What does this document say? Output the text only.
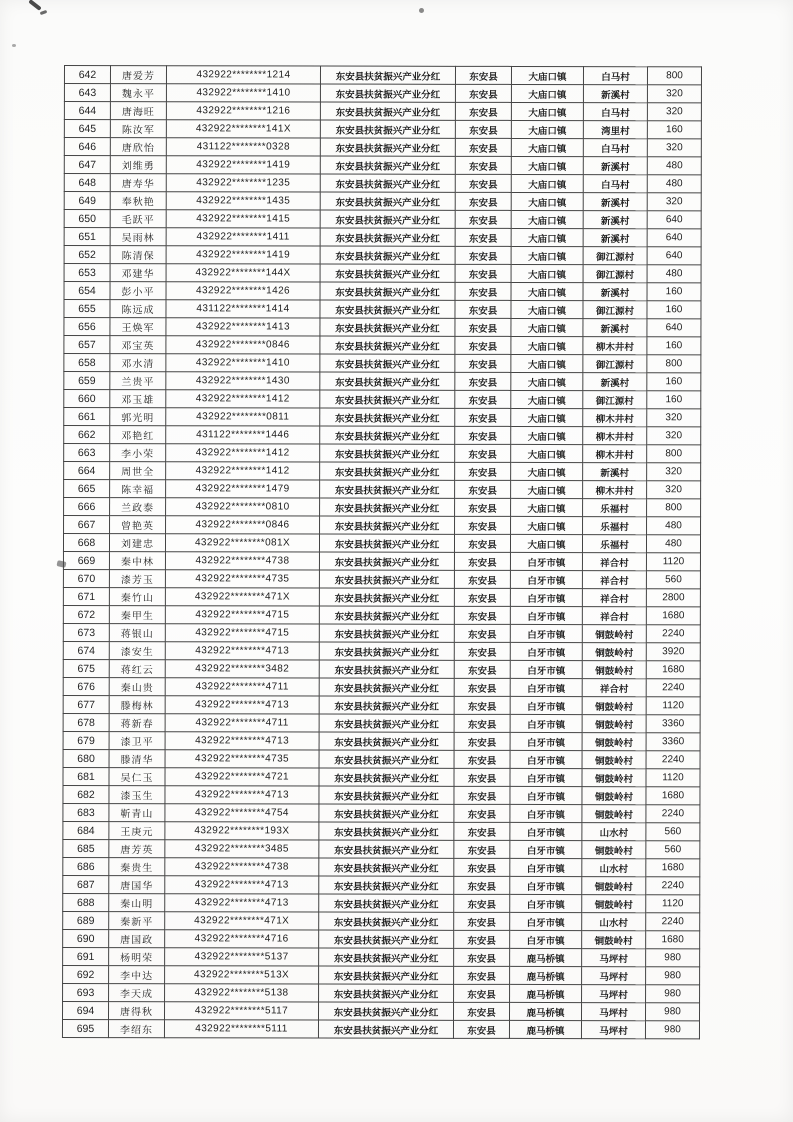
642	唐爱芳	432922********1214	东安县扶贫振兴产业分红	东安县	大庙口镇	白马村	800
643	魏永平	432922********1410	东安县扶贫振兴产业分红	东安县	大庙口镇	新溪村	320
644	唐海旺	432922********1216	东安县扶贫振兴产业分红	东安县	大庙口镇	白马村	320
645	陈汝军	432922********141X	东安县扶贫振兴产业分红	东安县	大庙口镇	湾里村	160
646	唐欣怡	431122********0328	东安县扶贫振兴产业分红	东安县	大庙口镇	白马村	320
647	刘维勇	432922********1419	东安县扶贫振兴产业分红	东安县	大庙口镇	新溪村	480
648	唐寿华	432922********1235	东安县扶贫振兴产业分红	东安县	大庙口镇	白马村	480
649	奉秋艳	432922********1435	东安县扶贫振兴产业分红	东安县	大庙口镇	新溪村	320
650	毛跃平	432922********1415	东安县扶贫振兴产业分红	东安县	大庙口镇	新溪村	640
651	吴雨林	432922********1411	东安县扶贫振兴产业分红	东安县	大庙口镇	新溪村	640
652	陈清保	432922********1419	东安县扶贫振兴产业分红	东安县	大庙口镇	御江源村	640
653	邓建华	432922********144X	东安县扶贫振兴产业分红	东安县	大庙口镇	御江源村	480
654	彭小平	432922********1426	东安县扶贫振兴产业分红	东安县	大庙口镇	新溪村	160
655	陈远成	431122********1414	东安县扶贫振兴产业分红	东安县	大庙口镇	御江源村	160
656	王焕军	432922********1413	东安县扶贫振兴产业分红	东安县	大庙口镇	新溪村	640
657	邓宝英	432922********0846	东安县扶贫振兴产业分红	东安县	大庙口镇	柳木井村	160
658	邓水清	432922********1410	东安县扶贫振兴产业分红	东安县	大庙口镇	御江源村	800
659	兰贵平	432922********1430	东安县扶贫振兴产业分红	东安县	大庙口镇	新溪村	160
660	邓玉雄	432922********1412	东安县扶贫振兴产业分红	东安县	大庙口镇	御江源村	160
661	郭光明	432922********0811	东安县扶贫振兴产业分红	东安县	大庙口镇	柳木井村	320
662	邓艳红	431122********1446	东安县扶贫振兴产业分红	东安县	大庙口镇	柳木井村	320
663	李小荣	432922********1412	东安县扶贫振兴产业分红	东安县	大庙口镇	柳木井村	800
664	周世全	432922********1412	东安县扶贫振兴产业分红	东安县	大庙口镇	新溪村	320
665	陈幸福	432922********1479	东安县扶贫振兴产业分红	东安县	大庙口镇	柳木井村	320
666	兰政泰	432922********0810	东安县扶贫振兴产业分红	东安县	大庙口镇	乐福村	800
667	曾艳英	432922********0846	东安县扶贫振兴产业分红	东安县	大庙口镇	乐福村	480
668	刘建忠	432922********081X	东安县扶贫振兴产业分红	东安县	大庙口镇	乐福村	480
669	秦中林	432922********4738	东安县扶贫振兴产业分红	东安县	白牙市镇	祥合村	1120
670	漆芳玉	432922********4735	东安县扶贫振兴产业分红	东安县	白牙市镇	祥合村	560
671	秦竹山	432922********471X	东安县扶贫振兴产业分红	东安县	白牙市镇	祥合村	2800
672	秦甲生	432922********4715	东安县扶贫振兴产业分红	东安县	白牙市镇	祥合村	1680
673	蒋银山	432922********4715	东安县扶贫振兴产业分红	东安县	白牙市镇	铜鼓岭村	2240
674	漆安生	432922********4713	东安县扶贫振兴产业分红	东安县	白牙市镇	铜鼓岭村	3920
675	蒋红云	432922********3482	东安县扶贫振兴产业分红	东安县	白牙市镇	铜鼓岭村	1680
676	秦山贵	432922********4711	东安县扶贫振兴产业分红	东安县	白牙市镇	祥合村	2240
677	滕梅林	432922********4713	东安县扶贫振兴产业分红	东安县	白牙市镇	铜鼓岭村	1120
678	蒋新春	432922********4711	东安县扶贫振兴产业分红	东安县	白牙市镇	铜鼓岭村	3360
679	漆卫平	432922********4713	东安县扶贫振兴产业分红	东安县	白牙市镇	铜鼓岭村	3360
680	滕清华	432922********4735	东安县扶贫振兴产业分红	东安县	白牙市镇	铜鼓岭村	2240
681	吴仁玉	432922********4721	东安县扶贫振兴产业分红	东安县	白牙市镇	铜鼓岭村	1120
682	漆玉生	432922********4713	东安县扶贫振兴产业分红	东安县	白牙市镇	铜鼓岭村	1680
683	靳青山	432922********4754	东安县扶贫振兴产业分红	东安县	白牙市镇	铜鼓岭村	2240
684	王庚元	432922********193X	东安县扶贫振兴产业分红	东安县	白牙市镇	山水村	560
685	唐芳英	432922********3485	东安县扶贫振兴产业分红	东安县	白牙市镇	铜鼓岭村	560
686	秦贵生	432922********4738	东安县扶贫振兴产业分红	东安县	白牙市镇	山水村	1680
687	唐国华	432922********4713	东安县扶贫振兴产业分红	东安县	白牙市镇	铜鼓岭村	2240
688	秦山明	432922********4713	东安县扶贫振兴产业分红	东安县	白牙市镇	铜鼓岭村	1120
689	秦新平	432922********471X	东安县扶贫振兴产业分红	东安县	白牙市镇	山水村	2240
690	唐国政	432922********4716	东安县扶贫振兴产业分红	东安县	白牙市镇	铜鼓岭村	1680
691	杨明荣	432922********5137	东安县扶贫振兴产业分红	东安县	鹿马桥镇	马坪村	980
692	李中达	432922********513X	东安县扶贫振兴产业分红	东安县	鹿马桥镇	马坪村	980
693	李天成	432922********5138	东安县扶贫振兴产业分红	东安县	鹿马桥镇	马坪村	980
694	唐得秋	432922********5117	东安县扶贫振兴产业分红	东安县	鹿马桥镇	马坪村	980
695	李绍东	432922********5111	东安县扶贫振兴产业分红	东安县	鹿马桥镇	马坪村	980
